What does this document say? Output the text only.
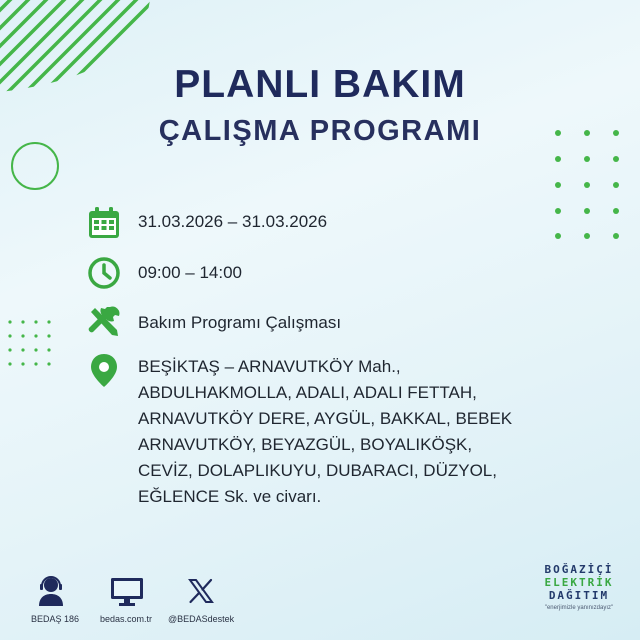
PLANLI BAKIM
ÇALIŞMA PROGRAMI
31.03.2026 – 31.03.2026
09:00 – 14:00
Bakım Programı Çalışması
BEŞİKTAŞ – ARNAVUTKÖY Mah.,
ABDULHAKMOLLA, ADALI, ADALI FETTAH,
ARNAVUTKÖY DERE, AYGÜL, BAKKAL, BEBEK
ARNAVUTKÖY, BEYAZGÜL, BOYALIKÖŞK,
CEVİZ, DOLAPLIKUYU, DUBARACI, DÜZYOL,
EĞLENCE Sk. ve civarı.
BEDAŞ 186 bedas.com.tr @BEDASdestek
BOĞAZİÇİ
ELEKTRİK
DAĞITIM
"enerjimizle yanınızdayız"
